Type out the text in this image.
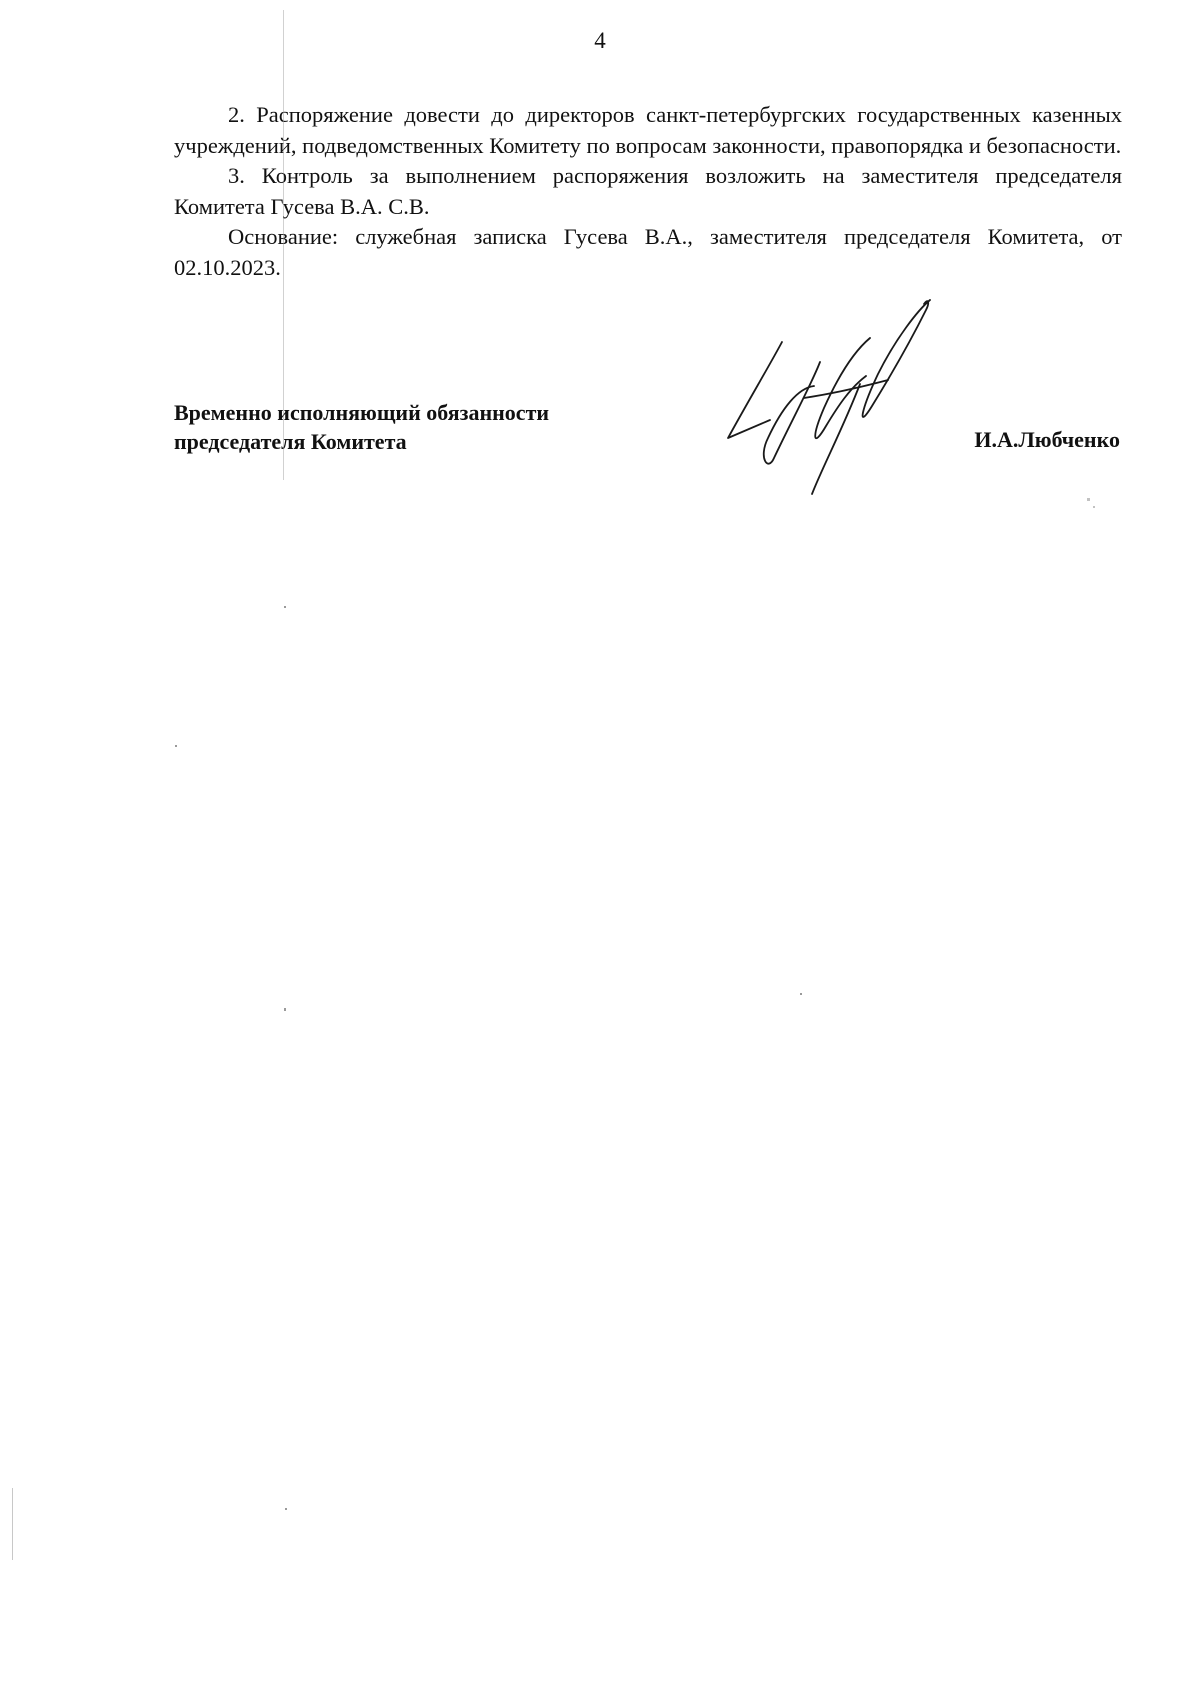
4

2. Распоряжение довести до директоров санкт-петербургских государственных казенных учреждений, подведомственных Комитету по вопросам законности, правопорядка и безопасности.

3. Контроль за выполнением распоряжения возложить на заместителя председателя Комитета Гусева В.А. С.В.

Основание: служебная записка Гусева В.А., заместителя председателя Комитета, от 02.10.2023.

Временно исполняющий обязанности
председателя Комитета	И.А.Любченко
